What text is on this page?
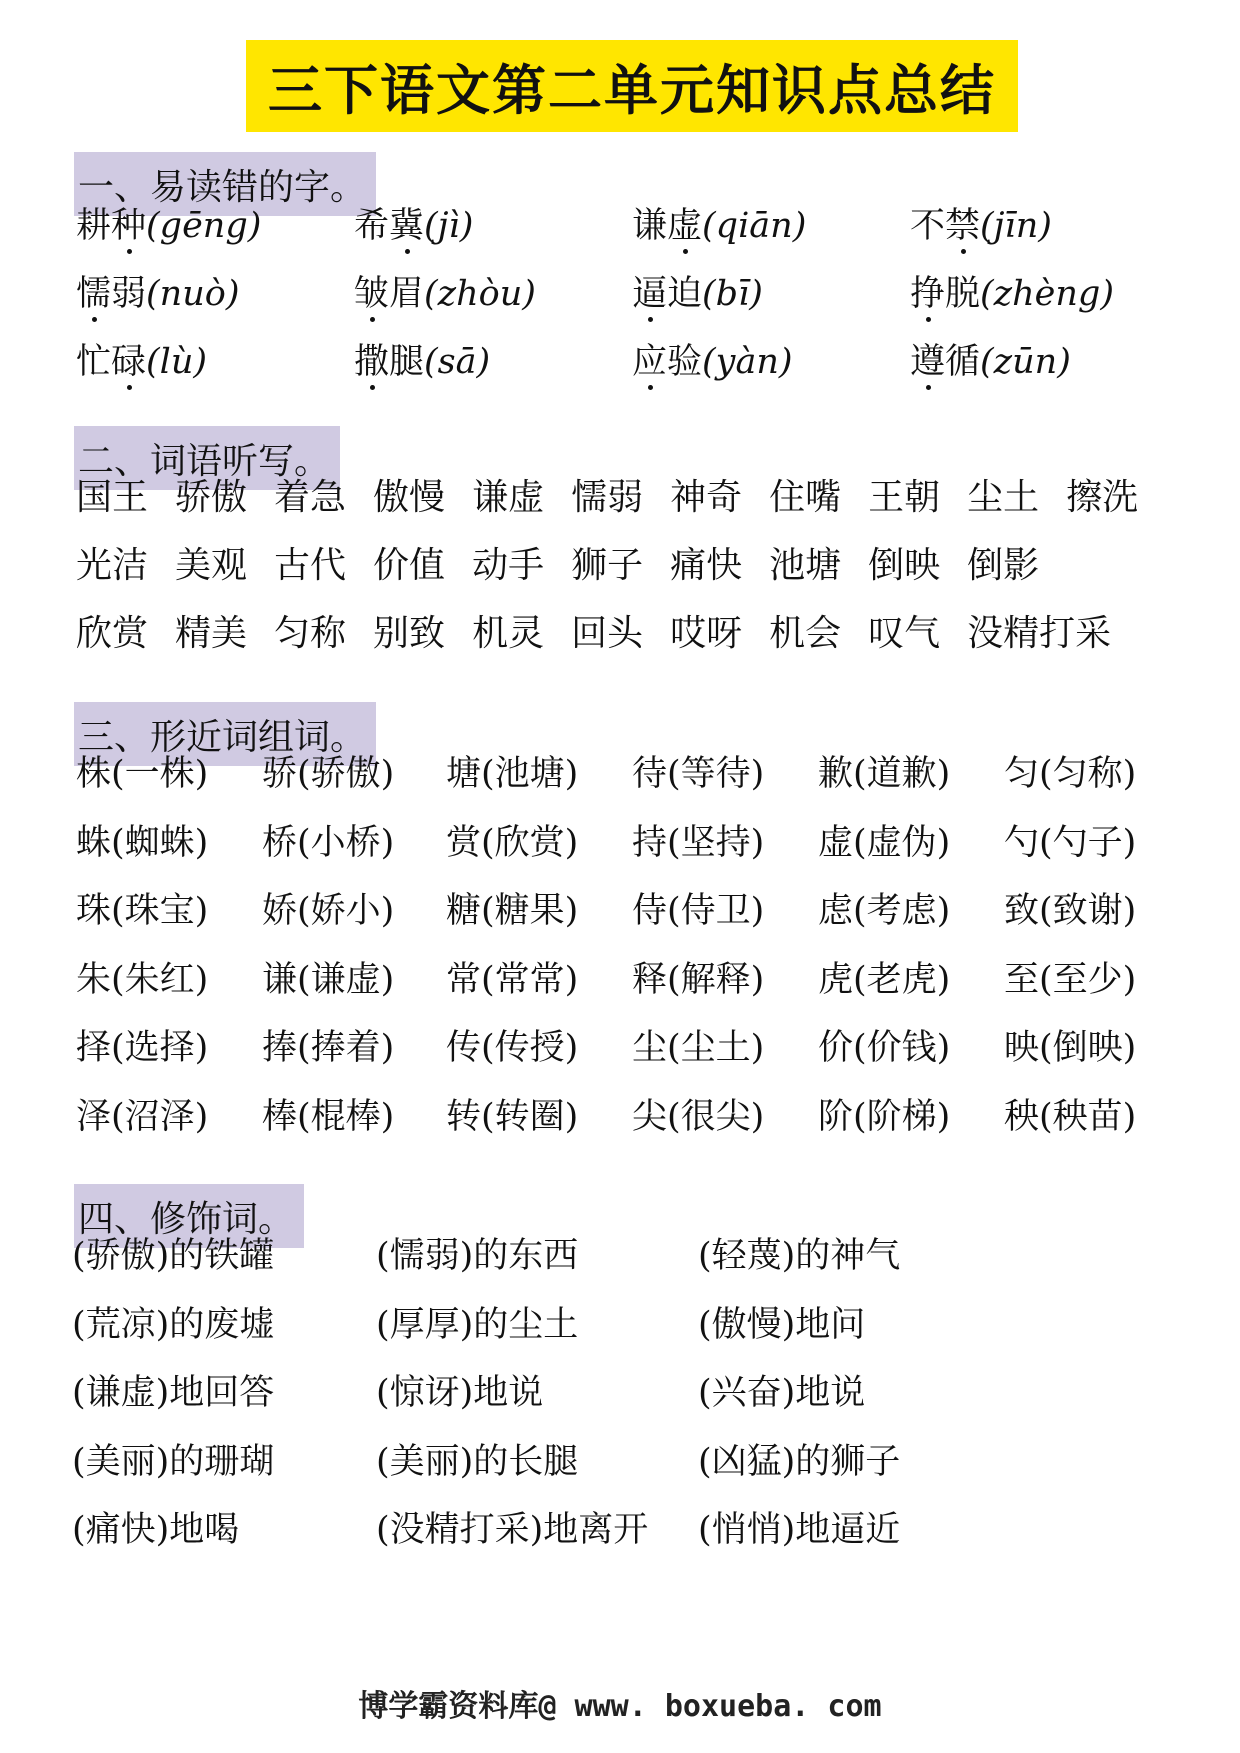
三下语文第二单元知识点总结
一、易读错的字。
耕种(gēng)	希冀(jì)	谦虚(qiān)	不禁(jīn)
懦弱(nuò)	皱眉(zhòu)	逼迫(bī)	挣脱(zhèng)
忙碌(lù)	撒腿(sā)	应验(yàn)	遵循(zūn)
二、词语听写。
国王 骄傲 着急 傲慢 谦虚 懦弱 神奇 住嘴 王朝 尘土 擦洗
光洁 美观 古代 价值 动手 狮子 痛快 池塘 倒映 倒影
欣赏 精美 匀称 别致 机灵 回头 哎呀 机会 叹气 没精打采
三、形近词组词。
株(一株) 骄(骄傲) 塘(池塘) 待(等待) 歉(道歉) 匀(匀称)
蛛(蜘蛛) 桥(小桥) 赏(欣赏) 持(坚持) 虚(虚伪) 勺(勺子)
珠(珠宝) 娇(娇小) 糖(糖果) 侍(侍卫) 虑(考虑) 致(致谢)
朱(朱红) 谦(谦虚) 常(常常) 释(解释) 虎(老虎) 至(至少)
择(选择) 捧(捧着) 传(传授) 尘(尘土) 价(价钱) 映(倒映)
泽(沼泽) 棒(棍棒) 转(转圈) 尖(很尖) 阶(阶梯) 秧(秧苗)
四、修饰词。
(骄傲)的铁罐	(懦弱)的东西	(轻蔑)的神气
(荒凉)的废墟	(厚厚)的尘土	(傲慢)地问
(谦虚)地回答	(惊讶)地说	(兴奋)地说
(美丽)的珊瑚	(美丽)的长腿	(凶猛)的狮子
(痛快)地喝	(没精打采)地离开 (悄悄)地逼近
博学霸资料库@ www. boxueba. com
